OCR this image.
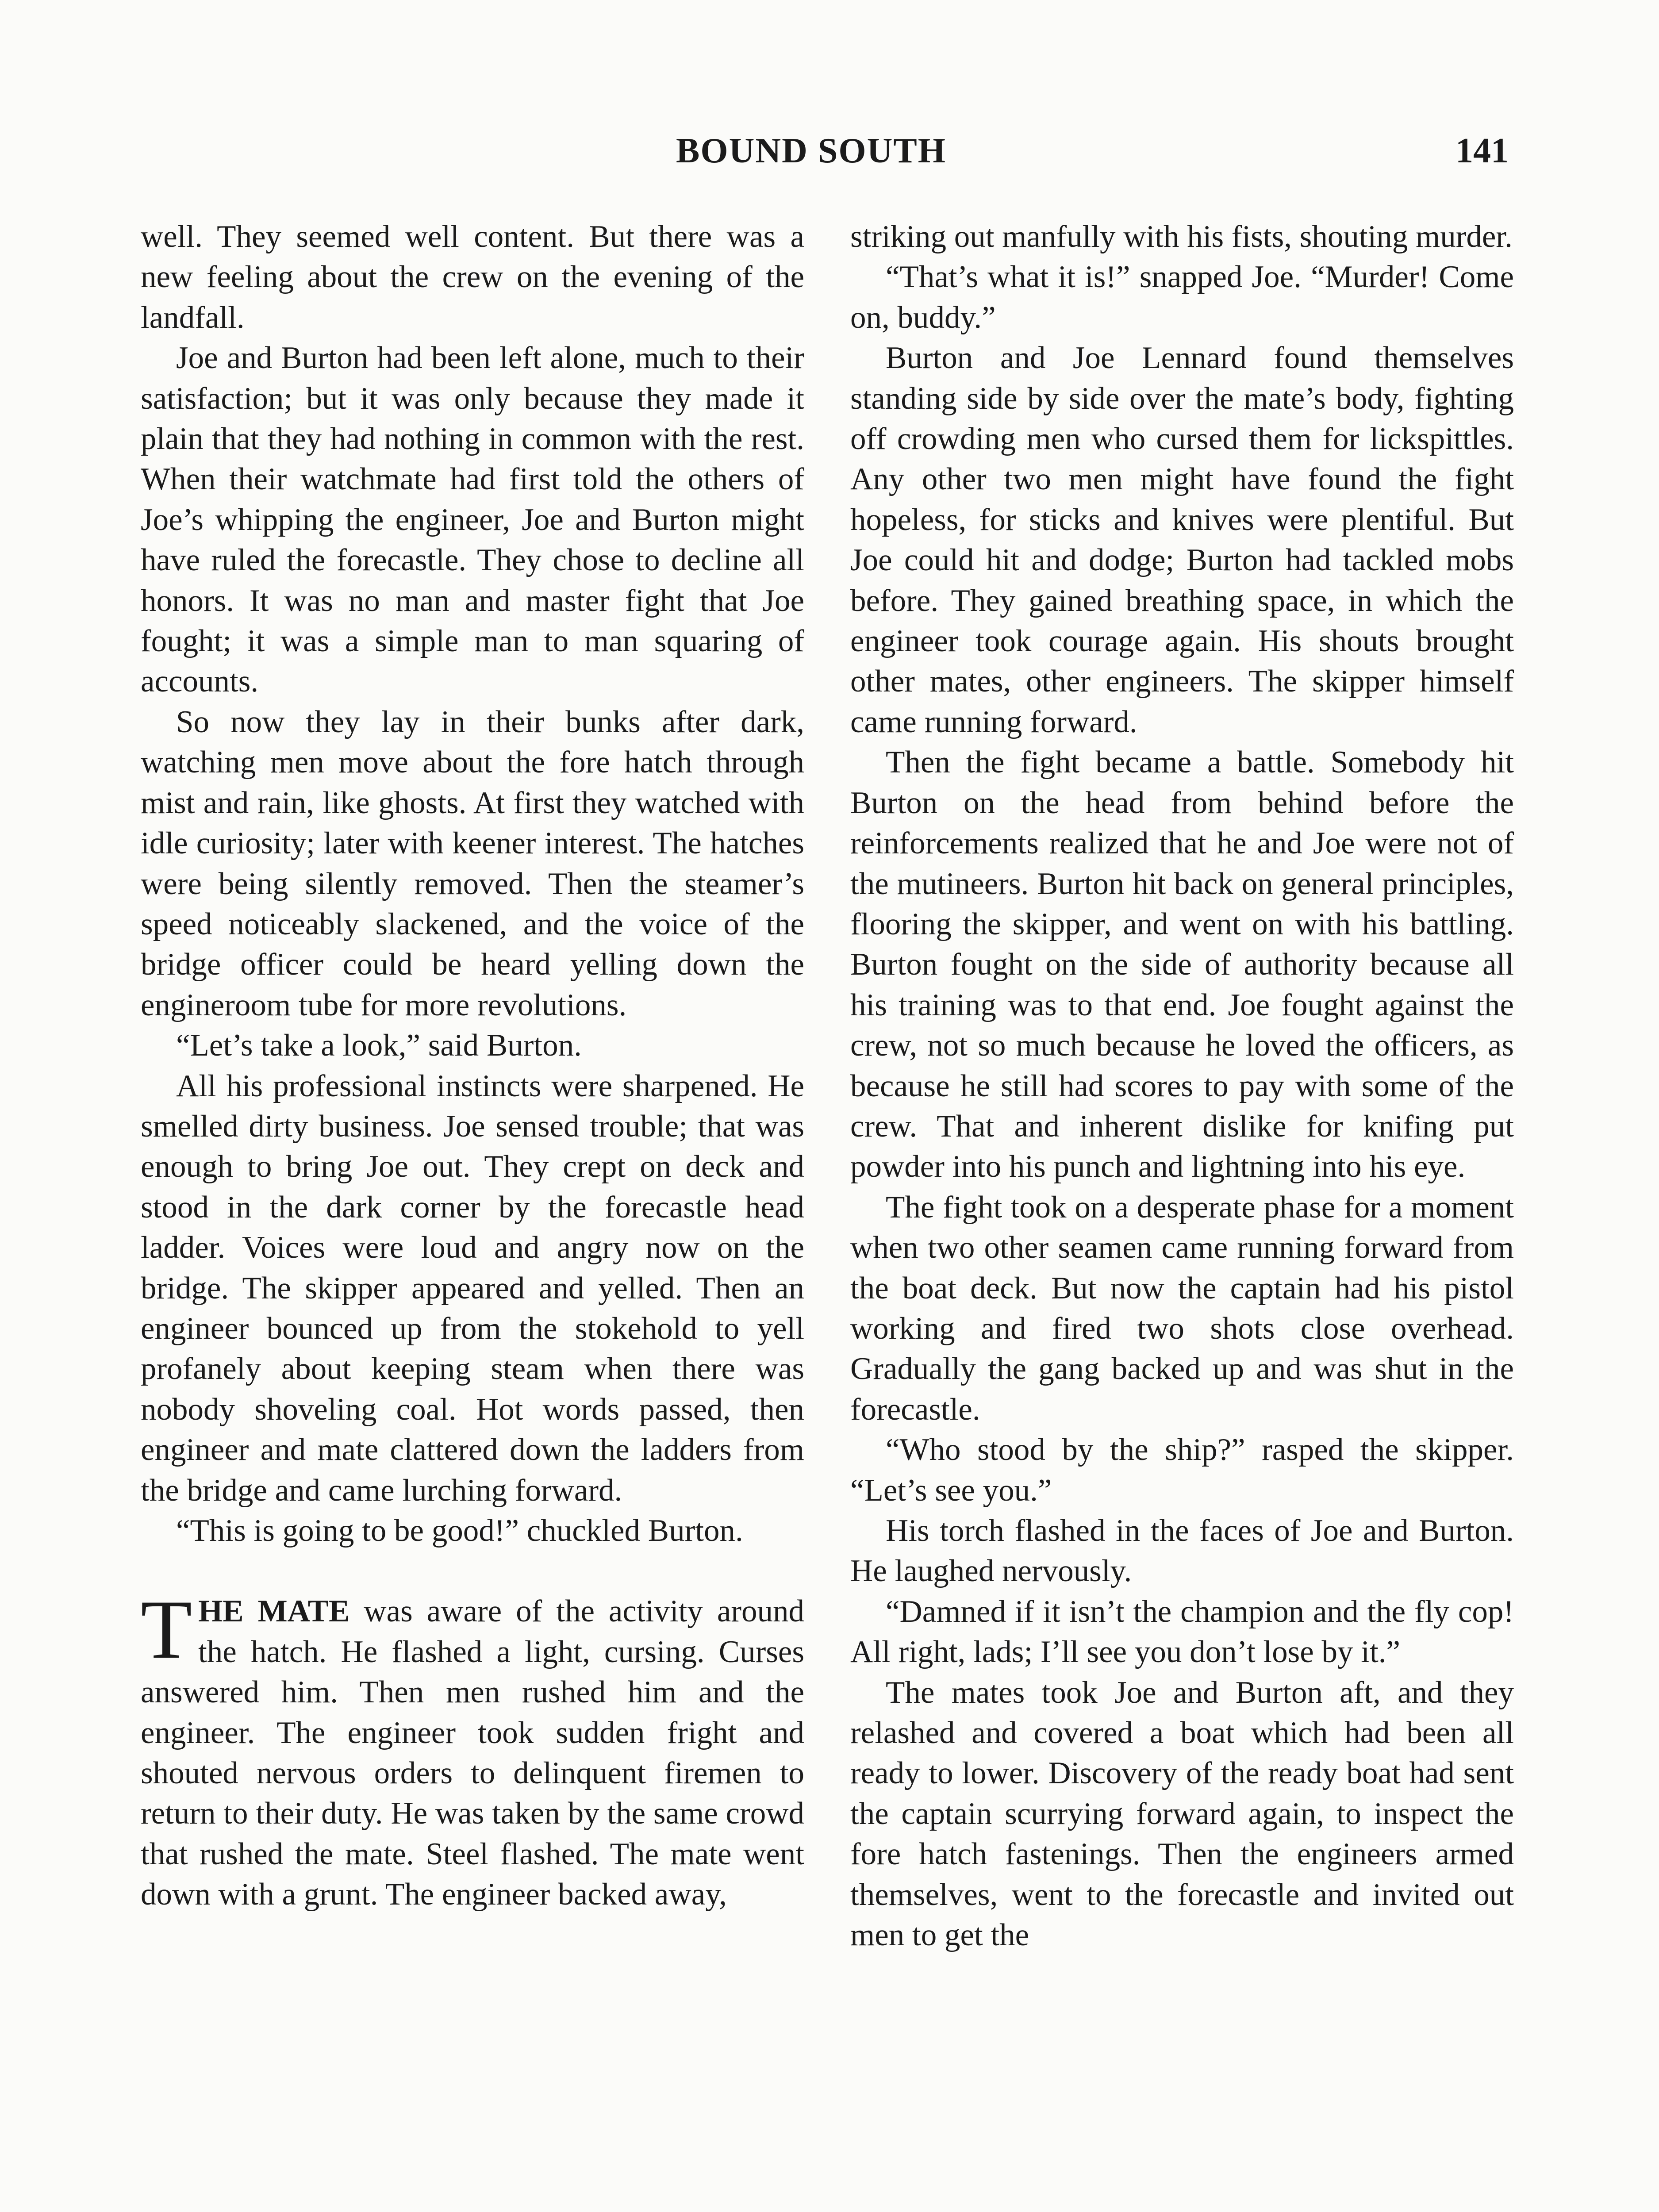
BOUND SOUTH	141

well. They seemed well content. But there was a new feeling about the crew on the evening of the landfall.

Joe and Burton had been left alone, much to their satisfaction; but it was only because they made it plain that they had nothing in common with the rest. When their watchmate had first told the others of Joe’s whipping the engineer, Joe and Burton might have ruled the forecastle. They chose to decline all honors. It was no man and master fight that Joe fought; it was a simple man to man squaring of accounts.

So now they lay in their bunks after dark, watching men move about the fore hatch through mist and rain, like ghosts. At first they watched with idle curiosity; later with keener interest. The hatches were being silently removed. Then the steamer’s speed noticeably slackened, and the voice of the bridge officer could be heard yelling down the engineroom tube for more revolutions.

“Let’s take a look,” said Burton.

All his professional instincts were sharpened. He smelled dirty business. Joe sensed trouble; that was enough to bring Joe out. They crept on deck and stood in the dark corner by the forecastle head ladder. Voices were loud and angry now on the bridge. The skipper appeared and yelled. Then an engineer bounced up from the stokehold to yell profanely about keeping steam when there was nobody shoveling coal. Hot words passed, then engineer and mate clattered down the ladders from the bridge and came lurching forward.

“This is going to be good!” chuckled Burton.

THE MATE was aware of the activity around the hatch. He flashed a light, cursing. Curses answered him. Then men rushed him and the engineer. The engineer took sudden fright and shouted nervous orders to delinquent firemen to return to their duty. He was taken by the same crowd that rushed the mate. Steel flashed. The mate went down with a grunt. The engineer backed away,

striking out manfully with his fists, shouting murder.

“That’s what it is!” snapped Joe. “Murder! Come on, buddy.”

Burton and Joe Lennard found themselves standing side by side over the mate’s body, fighting off crowding men who cursed them for lickspittles. Any other two men might have found the fight hopeless, for sticks and knives were plentiful. But Joe could hit and dodge; Burton had tackled mobs before. They gained breathing space, in which the engineer took courage again. His shouts brought other mates, other engineers. The skipper himself came running forward.

Then the fight became a battle. Somebody hit Burton on the head from behind before the reinforcements realized that he and Joe were not of the mutineers. Burton hit back on general principles, flooring the skipper, and went on with his battling. Burton fought on the side of authority because all his training was to that end. Joe fought against the crew, not so much because he loved the officers, as because he still had scores to pay with some of the crew. That and inherent dislike for knifing put powder into his punch and lightning into his eye.

The fight took on a desperate phase for a moment when two other seamen came running forward from the boat deck. But now the captain had his pistol working and fired two shots close overhead. Gradually the gang backed up and was shut in the forecastle.

“Who stood by the ship?” rasped the skipper. “Let’s see you.”

His torch flashed in the faces of Joe and Burton. He laughed nervously.

“Damned if it isn’t the champion and the fly cop! All right, lads; I’ll see you don’t lose by it.”

The mates took Joe and Burton aft, and they relashed and covered a boat which had been all ready to lower. Discovery of the ready boat had sent the captain scurrying forward again, to inspect the fore hatch fastenings. Then the engineers armed themselves, went to the forecastle and invited out men to get the
